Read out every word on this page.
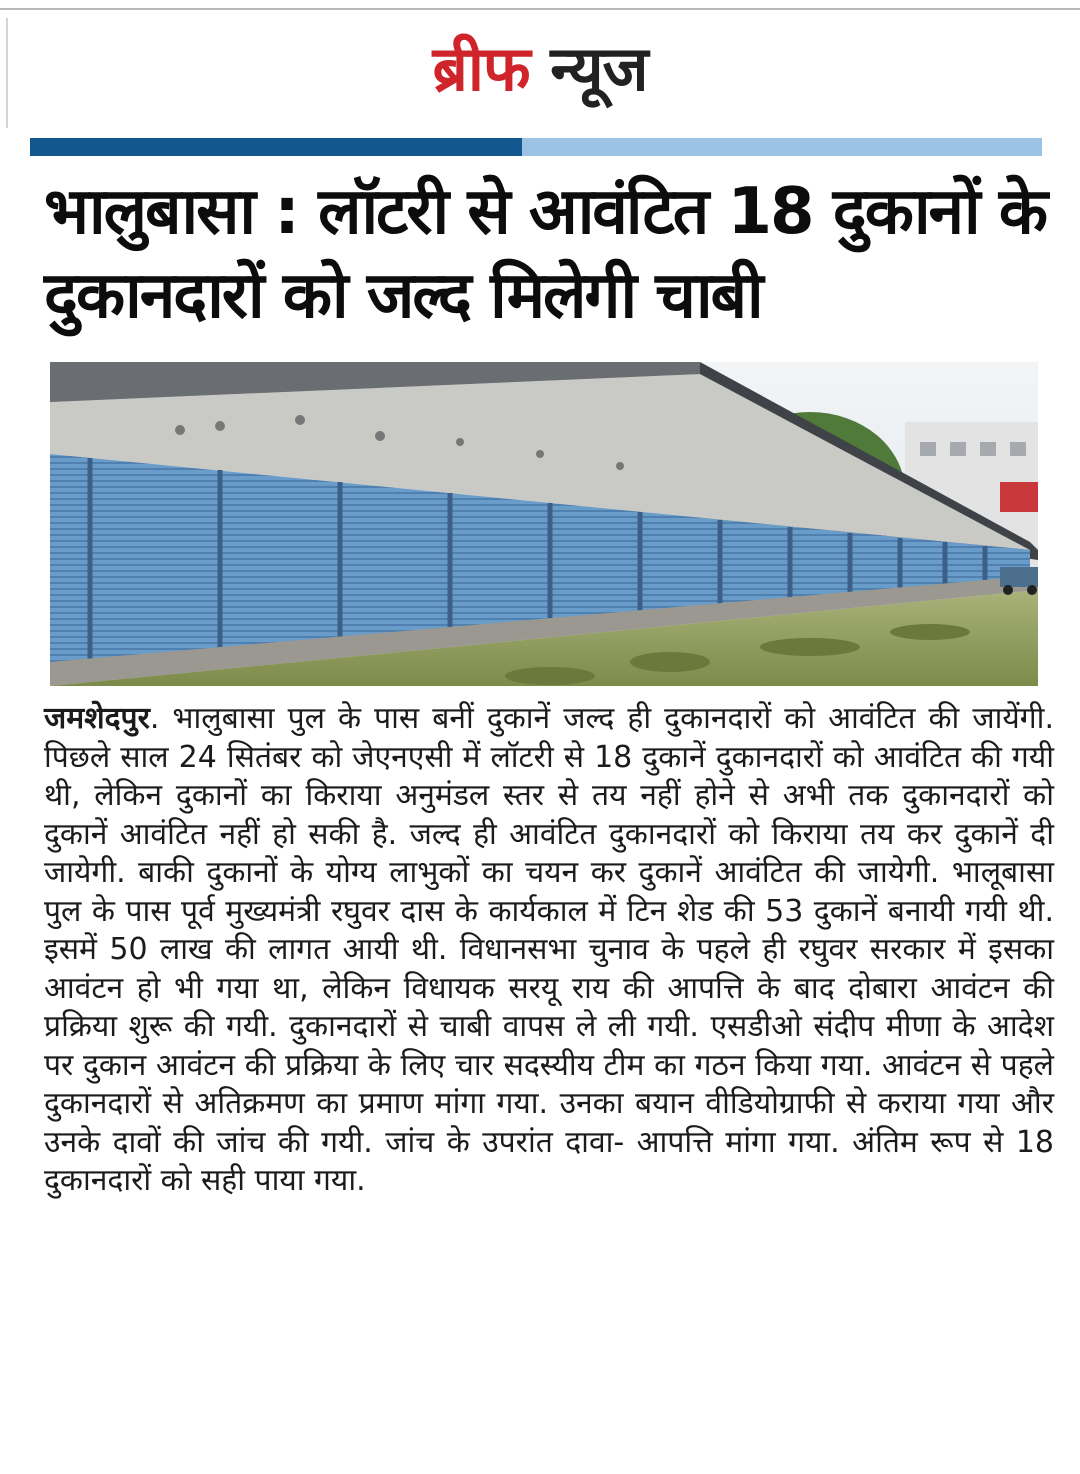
ब्रीफ न्यूज
भालुबासा : लॉटरी से आवंटित 18 दुकानों के दुकानदारों को जल्द मिलेगी चाबी

जमशेदपुर. भालुबासा पुल के पास बनीं दुकानें जल्द ही दुकानदारों को आवंटित की जायेंगी. पिछले साल 24 सितंबर को जेएनएसी में लॉटरी से 18 दुकानें दुकानदारों को आवंटित की गयी थी, लेकिन दुकानों का किराया अनुमंडल स्तर से तय नहीं होने से अभी तक दुकानदारों को दुकानें आवंटित नहीं हो सकी है. जल्द ही आवंटित दुकानदारों को किराया तय कर दुकानें दी जायेगी. बाकी दुकानों के योग्य लाभुकों का चयन कर दुकानें आवंटित की जायेगी. भालूबासा पुल के पास पूर्व मुख्यमंत्री रघुवर दास के कार्यकाल में टिन शेड की 53 दुकानें बनायी गयी थी. इसमें 50 लाख की लागत आयी थी. विधानसभा चुनाव के पहले ही रघुवर सरकार में इसका आवंटन हो भी गया था, लेकिन विधायक सरयू राय की आपत्ति के बाद दोबारा आवंटन की प्रक्रिया शुरू की गयी. दुकानदारों से चाबी वापस ले ली गयी. एसडीओ संदीप मीणा के आदेश पर दुकान आवंटन की प्रक्रिया के लिए चार सदस्यीय टीम का गठन किया गया. आवंटन से पहले दुकानदारों से अतिक्रमण का प्रमाण मांगा गया. उनका बयान वीडियोग्राफी से कराया गया और उनके दावों की जांच की गयी. जांच के उपरांत दावा- आपत्ति मांगा गया. अंतिम रूप से 18 दुकानदारों को सही पाया गया.
